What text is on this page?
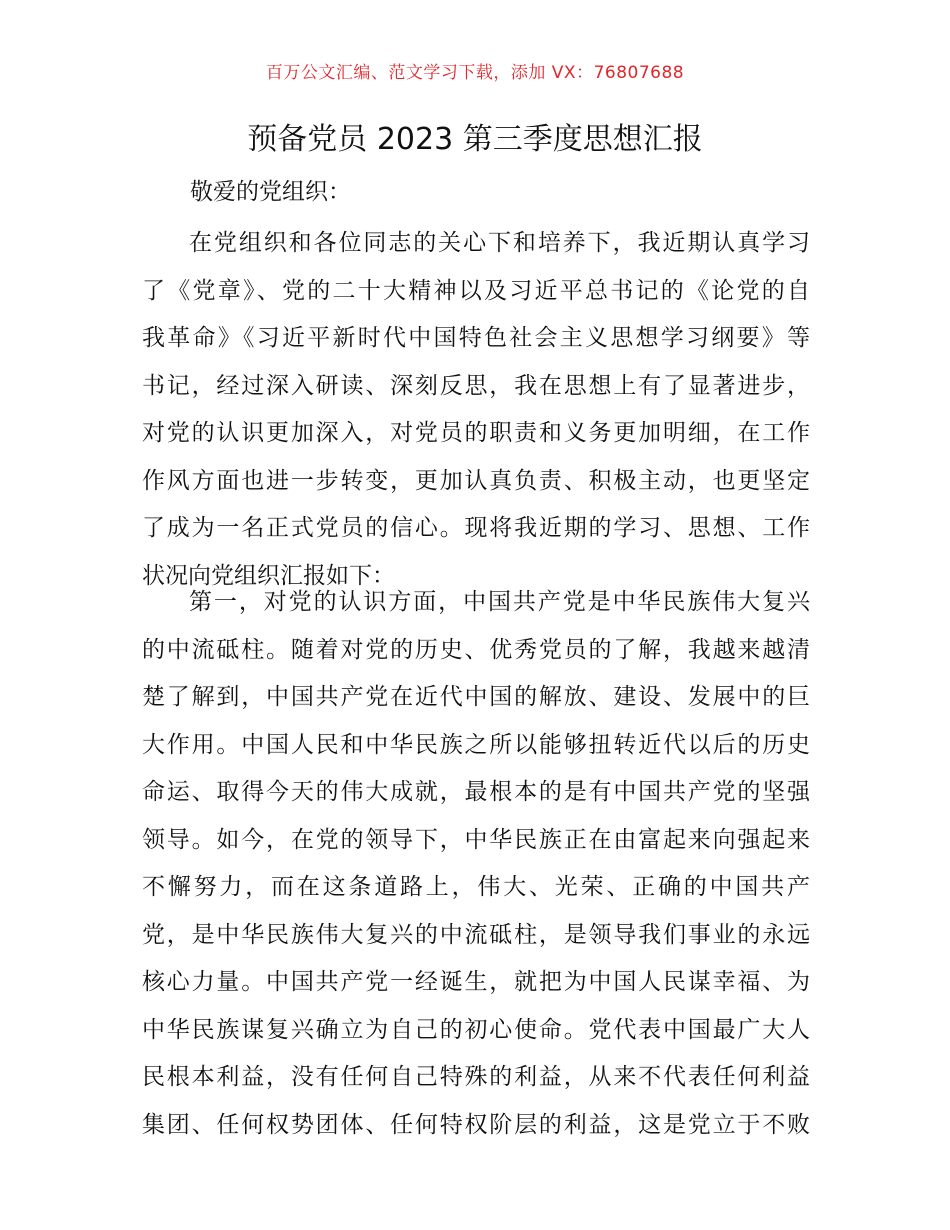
百万公文汇编、范文学习下载，添加 VX：76807688
预备党员 2023 第三季度思想汇报
敬爱的党组织：
在党组织和各位同志的关心下和培养下，我近期认真学习
了《党章》、党的二十大精神以及习近平总书记的《论党的自
我革命》《习近平新时代中国特色社会主义思想学习纲要》等
书记，经过深入研读、深刻反思，我在思想上有了显著进步，
对党的认识更加深入，对党员的职责和义务更加明细，在工作
作风方面也进一步转变，更加认真负责、积极主动，也更坚定
了成为一名正式党员的信心。现将我近期的学习、思想、工作
状况向党组织汇报如下：
第一，对党的认识方面，中国共产党是中华民族伟大复兴
的中流砥柱。随着对党的历史、优秀党员的了解，我越来越清
楚了解到，中国共产党在近代中国的解放、建设、发展中的巨
大作用。中国人民和中华民族之所以能够扭转近代以后的历史
命运、取得今天的伟大成就，最根本的是有中国共产党的坚强
领导。如今，在党的领导下，中华民族正在由富起来向强起来
不懈努力，而在这条道路上，伟大、光荣、正确的中国共产
党，是中华民族伟大复兴的中流砥柱，是领导我们事业的永远
核心力量。中国共产党一经诞生，就把为中国人民谋幸福、为
中华民族谋复兴确立为自己的初心使命。党代表中国最广大人
民根本利益，没有任何自己特殊的利益，从来不代表任何利益
集团、任何权势团体、任何特权阶层的利益，这是党立于不败
